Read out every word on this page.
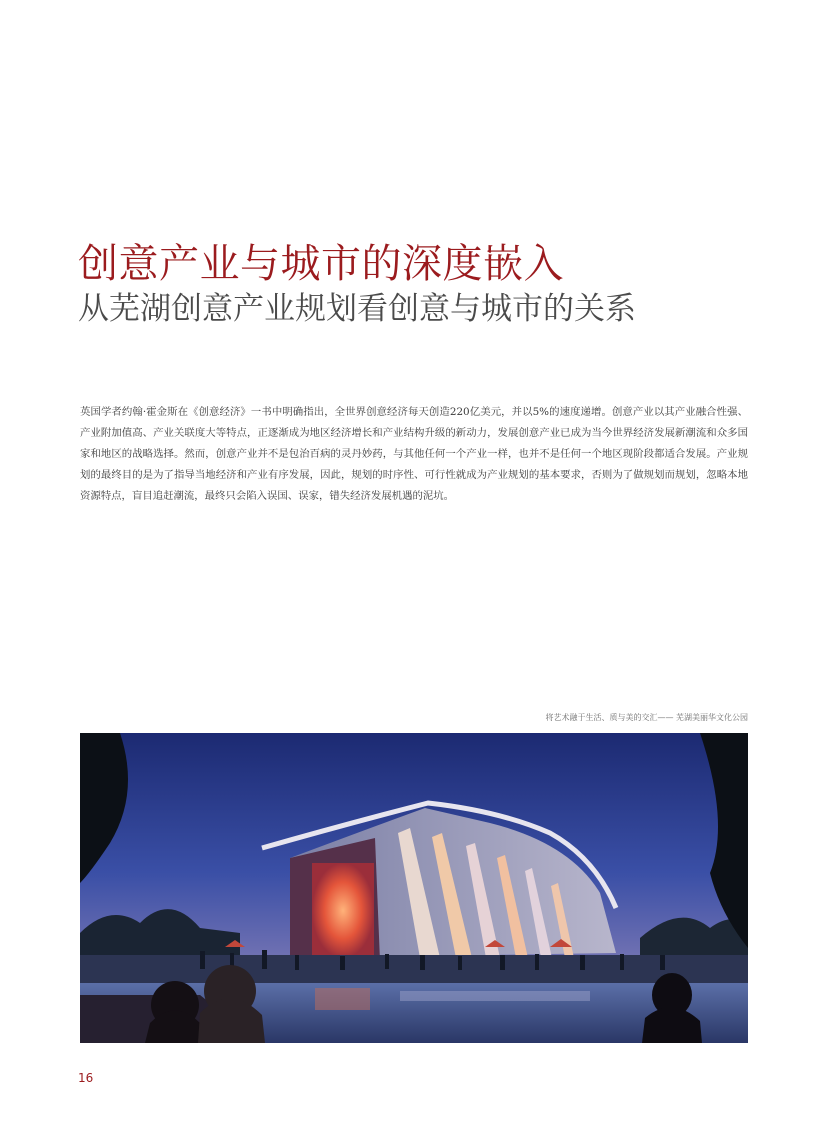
创意产业与城市的深度嵌入
从芜湖创意产业规划看创意与城市的关系

英国学者约翰·霍金斯在《创意经济》一书中明确指出，全世界创意经济每天创造220亿美元，并以5%的速度递增。创意产业以其产业融合性强、产业附加值高、产业关联度大等特点，正逐渐成为地区经济增长和产业结构升级的新动力，发展创意产业已成为当今世界经济发展新潮流和众多国家和地区的战略选择。然而，创意产业并不是包治百病的灵丹妙药，与其他任何一个产业一样，也并不是任何一个地区现阶段都适合发展。产业规划的最终目的是为了指导当地经济和产业有序发展，因此，规划的时序性、可行性就成为产业规划的基本要求，否则为了做规划而规划，忽略本地资源特点，盲目追赶潮流，最终只会陷入误国、误家，错失经济发展机遇的泥坑。

将艺术融于生活、质与美的交汇—— 芜湖美丽华文化公园

16
